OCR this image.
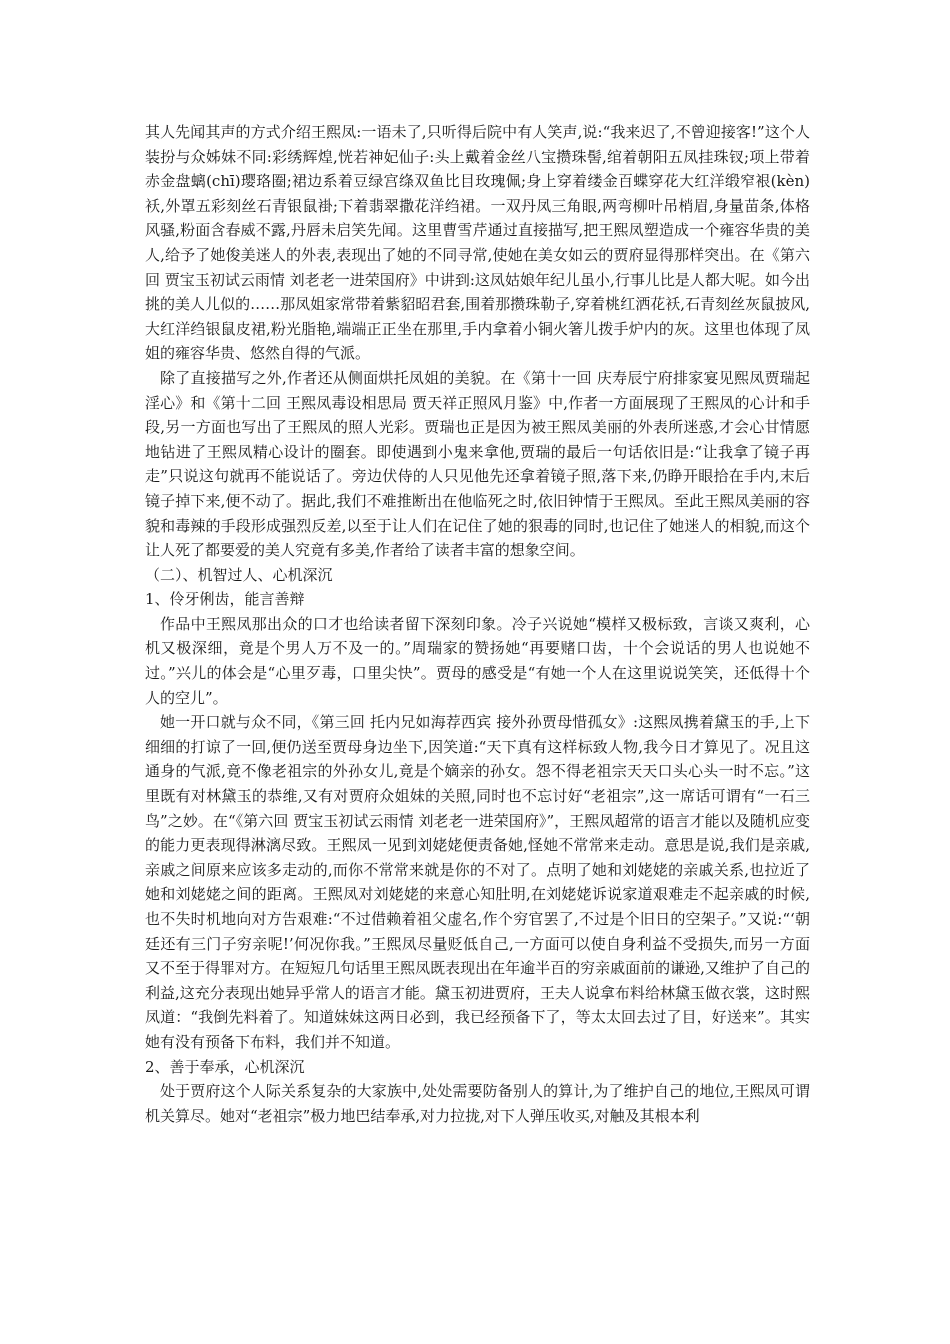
其人先闻其声的方式介绍王熙凤:一语未了,只听得后院中有人笑声,说:“我来迟了,不曾迎接客!”这个人装扮与众姊妹不同:彩绣辉煌,恍若神妃仙子:头上戴着金丝八宝攒珠髻,绾着朝阳五凤挂珠钗;项上带着赤金盘螭(chī)璎珞圈;裙边系着豆绿宫绦双鱼比目玫瑰佩;身上穿着缕金百蝶穿花大红洋缎窄裉(kèn)袄,外罩五彩刻丝石青银鼠褂;下着翡翠撒花洋绉裙。一双丹凤三角眼,两弯柳叶吊梢眉,身量苗条,体格风骚,粉面含春威不露,丹唇未启笑先闻。这里曹雪芹通过直接描写,把王熙凤塑造成一个雍容华贵的美人,给予了她俊美迷人的外表,表现出了她的不同寻常,使她在美女如云的贾府显得那样突出。在《第六回 贾宝玉初试云雨情 刘老老一进荣国府》中讲到:这凤姑娘年纪儿虽小,行事儿比是人都大呢。如今出挑的美人儿似的……那凤姐家常带着紫貂昭君套,围着那攒珠勒子,穿着桃红洒花袄,石青刻丝灰鼠披风,大红洋绉银鼠皮裙,粉光脂艳,端端正正坐在那里,手内拿着小铜火箸儿拨手炉内的灰。这里也体现了凤姐的雍容华贵、悠然自得的气派。

除了直接描写之外,作者还从侧面烘托凤姐的美貌。在《第十一回 庆寿辰宁府排家宴见熙凤贾瑞起淫心》和《第十二回 王熙凤毒设相思局 贾天祥正照风月鉴》中,作者一方面展现了王熙凤的心计和手段,另一方面也写出了王熙凤的照人光彩。贾瑞也正是因为被王熙凤美丽的外表所迷惑,才会心甘情愿地钻进了王熙凤精心设计的圈套。即使遇到小鬼来拿他,贾瑞的最后一句话依旧是:“让我拿了镜子再走”只说这句就再不能说话了。旁边伏侍的人只见他先还拿着镜子照,落下来,仍睁开眼拾在手内,末后镜子掉下来,便不动了。据此,我们不难推断出在他临死之时,依旧钟情于王熙凤。至此王熙凤美丽的容貌和毒辣的手段形成强烈反差,以至于让人们在记住了她的狠毒的同时,也记住了她迷人的相貌,而这个让人死了都要爱的美人究竟有多美,作者给了读者丰富的想象空间。

（二）、机智过人、心机深沉

1、伶牙俐齿，能言善辩

作品中王熙凤那出众的口才也给读者留下深刻印象。冷子兴说她“模样又极标致，言谈又爽利，心机又极深细，竟是个男人万不及一的。”周瑞家的赞扬她“再要赌口齿，十个会说话的男人也说她不过。”兴儿的体会是“心里歹毒，口里尖快”。贾母的感受是“有她一个人在这里说说笑笑，还低得十个人的空儿”。

她一开口就与众不同，《第三回 托内兄如海荐西宾 接外孙贾母惜孤女》:这熙凤携着黛玉的手,上下细细的打谅了一回,便仍送至贾母身边坐下,因笑道:“天下真有这样标致人物,我今日才算见了。况且这通身的气派,竟不像老祖宗的外孙女儿,竟是个嫡亲的孙女。怨不得老祖宗天天口头心头一时不忘。”这里既有对林黛玉的恭维,又有对贾府众姐妹的关照,同时也不忘讨好“老祖宗”,这一席话可谓有“一石三鸟”之妙。在“《第六回 贾宝玉初试云雨情 刘老老一进荣国府》”，王熙凤超常的语言才能以及随机应变的能力更表现得淋漓尽致。王熙凤一见到刘姥姥便责备她,怪她不常常来走动。意思是说,我们是亲戚,亲戚之间原来应该多走动的,而你不常常来就是你的不对了。点明了她和刘姥姥的亲戚关系,也拉近了她和刘姥姥之间的距离。王熙凤对刘姥姥的来意心知肚明,在刘姥姥诉说家道艰难走不起亲戚的时候,也不失时机地向对方告艰难:“不过借赖着祖父虚名,作个穷官罢了,不过是个旧日的空架子。”又说:“‘朝廷还有三门子穷亲呢!’何况你我。”王熙凤尽量贬低自己,一方面可以使自身利益不受损失,而另一方面又不至于得罪对方。在短短几句话里王熙凤既表现出在年逾半百的穷亲戚面前的谦逊,又维护了自己的利益,这充分表现出她异乎常人的语言才能。黛玉初进贾府，王夫人说拿布料给林黛玉做衣裳，这时熙凤道：“我倒先料着了。知道妹妹这两日必到，我已经预备下了，等太太回去过了目，好送来”。其实她有没有预备下布料，我们并不知道。

2、善于奉承，心机深沉

处于贾府这个人际关系复杂的大家族中,处处需要防备别人的算计,为了维护自己的地位,王熙凤可谓机关算尽。她对“老祖宗”极力地巴结奉承,对力拉拢,对下人弹压收买,对触及其根本利
